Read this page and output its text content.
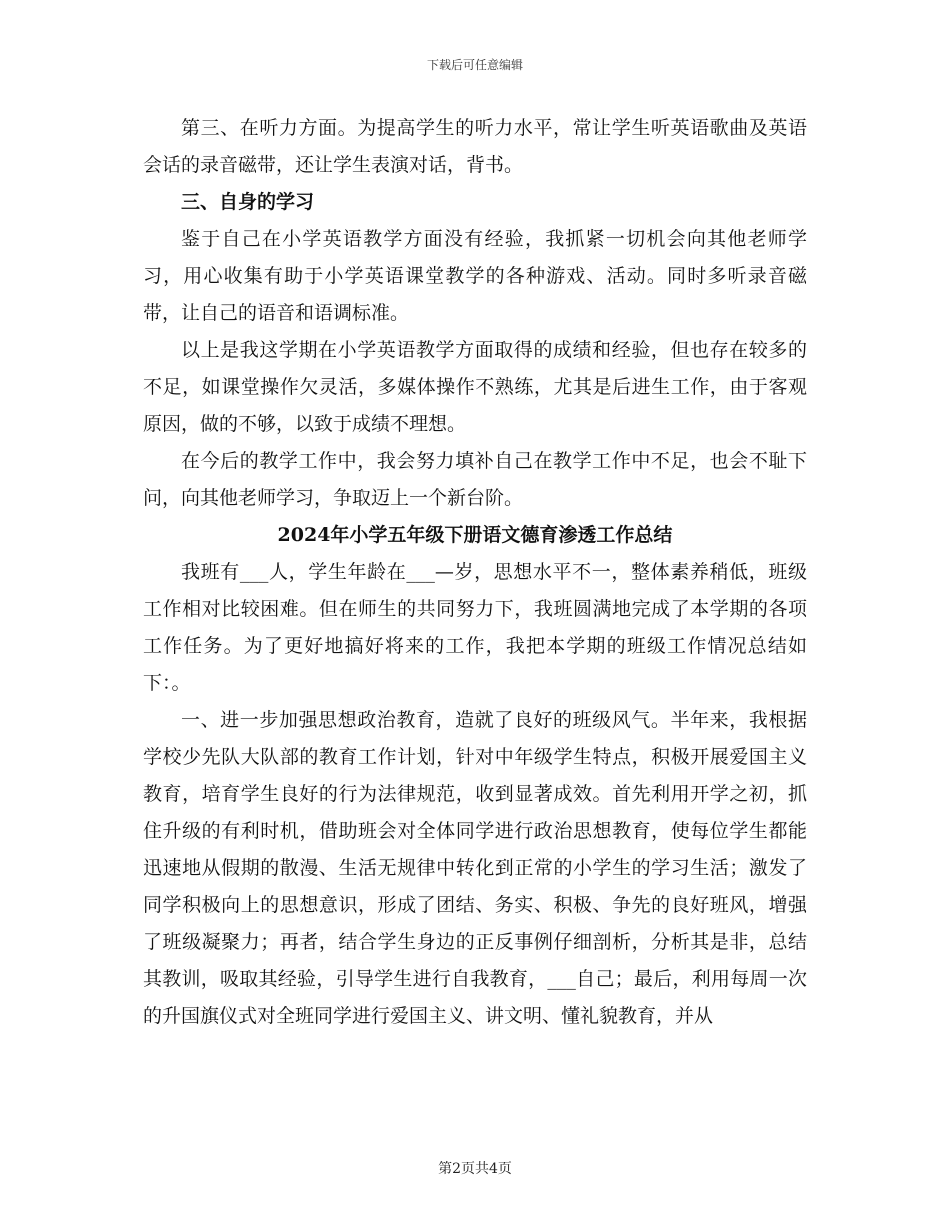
下载后可任意编辑

第三、在听力方面。为提高学生的听力水平，常让学生听英语歌曲及英语会话的录音磁带，还让学生表演对话，背书。

三、自身的学习

鉴于自己在小学英语教学方面没有经验，我抓紧一切机会向其他老师学习，用心收集有助于小学英语课堂教学的各种游戏、活动。同时多听录音磁带，让自己的语音和语调标准。

以上是我这学期在小学英语教学方面取得的成绩和经验，但也存在较多的不足，如课堂操作欠灵活，多媒体操作不熟练，尤其是后进生工作，由于客观原因，做的不够，以致于成绩不理想。

在今后的教学工作中，我会努力填补自己在教学工作中不足，也会不耻下问，向其他老师学习，争取迈上一个新台阶。

2024年小学五年级下册语文德育渗透工作总结

我班有___人，学生年龄在___—岁，思想水平不一，整体素养稍低，班级工作相对比较困难。但在师生的共同努力下，我班圆满地完成了本学期的各项工作任务。为了更好地搞好将来的工作，我把本学期的班级工作情况总结如下：。

一、进一步加强思想政治教育，造就了良好的班级风气。半年来，我根据学校少先队大队部的教育工作计划，针对中年级学生特点，积极开展爱国主义教育，培育学生良好的行为法律规范，收到显著成效。首先利用开学之初，抓住升级的有利时机，借助班会对全体同学进行政治思想教育，使每位学生都能迅速地从假期的散漫、生活无规律中转化到正常的小学生的学习生活；激发了同学积极向上的思想意识，形成了团结、务实、积极、争先的良好班风，增强了班级凝聚力；再者，结合学生身边的正反事例仔细剖析，分析其是非，总结其教训，吸取其经验，引导学生进行自我教育，___自己；最后，利用每周一次的升国旗仪式对全班同学进行爱国主义、讲文明、懂礼貌教育，并从

第2页共4页
